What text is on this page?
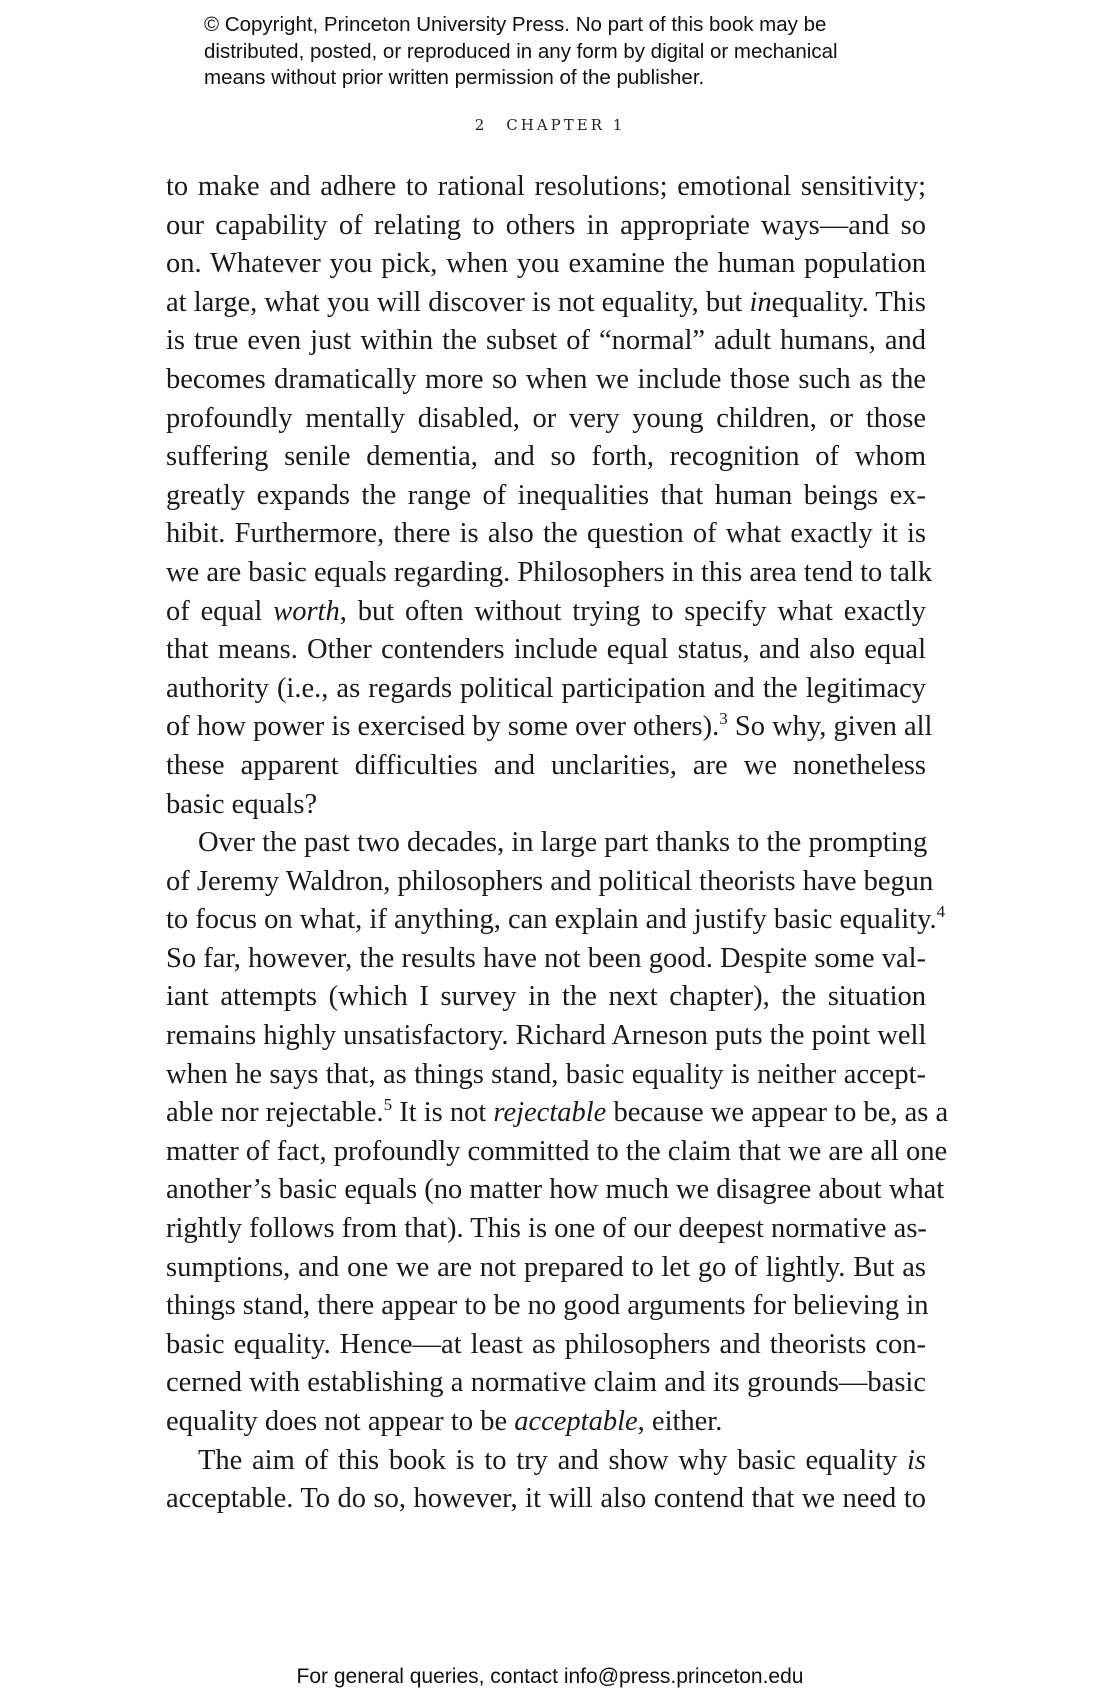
© Copyright, Princeton University Press. No part of this book may be
distributed, posted, or reproduced in any form by digital or mechanical
means without prior written permission of the publisher.
2 CHAPTER 1
to make and adhere to rational resolutions; emotional sensitivity;
our capability of relating to others in appropriate ways—and so
on. Whatever you pick, when you examine the human population
at large, what you will discover is not equality, but inequality. This
is true even just within the subset of “normal” adult humans, and
becomes dramatically more so when we include those such as the
profoundly mentally disabled, or very young children, or those
suffering senile dementia, and so forth, recognition of whom
greatly expands the range of inequalities that human beings ex-
hibit. Furthermore, there is also the question of what exactly it is
we are basic equals regarding. Philosophers in this area tend to talk
of equal worth, but often without trying to specify what exactly
that means. Other contenders include equal status, and also equal
authority (i.e., as regards political participation and the legitimacy
of how power is exercised by some over others).$^3$ So why, given all
these apparent difficulties and unclarities, are we nonetheless
basic equals?
Over the past two decades, in large part thanks to the prompting
of Jeremy Waldron, philosophers and political theorists have begun
to focus on what, if anything, can explain and justify basic equality.$^4$
So far, however, the results have not been good. Despite some val-
iant attempts (which I survey in the next chapter), the situation
remains highly unsatisfactory. Richard Arneson puts the point well
when he says that, as things stand, basic equality is neither accept-
able nor rejectable.$^5$ It is not rejectable because we appear to be, as a
matter of fact, profoundly committed to the claim that we are all one
another’s basic equals (no matter how much we disagree about what
rightly follows from that). This is one of our deepest normative as-
sumptions, and one we are not prepared to let go of lightly. But as
things stand, there appear to be no good arguments for believing in
basic equality. Hence—at least as philosophers and theorists con-
cerned with establishing a normative claim and its grounds—basic
equality does not appear to be acceptable, either.
The aim of this book is to try and show why basic equality is
acceptable. To do so, however, it will also contend that we need to
For general queries, contact info@press.princeton.edu
